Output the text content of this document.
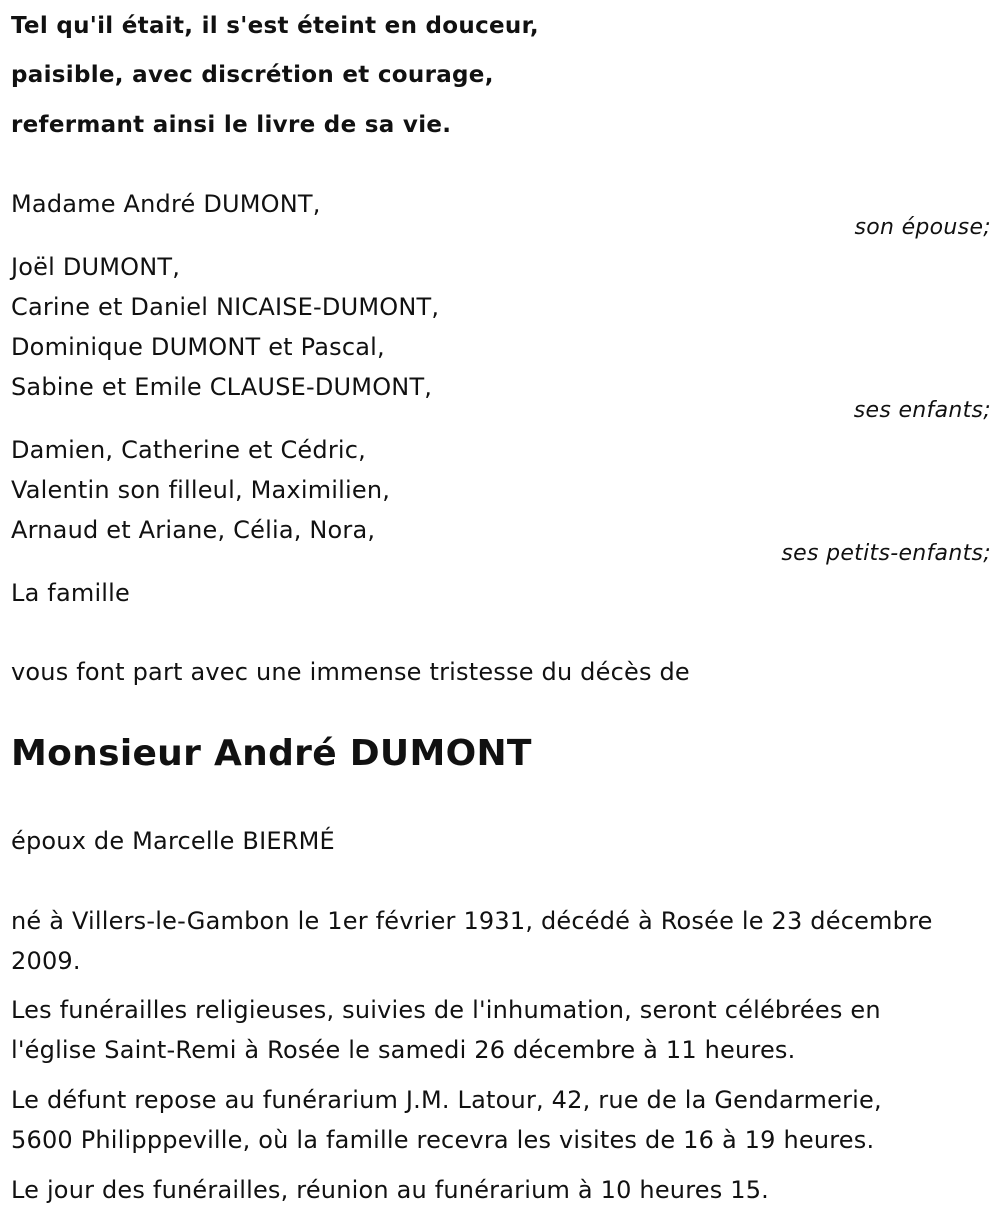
Tel qu'il était, il s'est éteint en douceur,
paisible, avec discrétion et courage,
refermant ainsi le livre de sa vie.
Madame André DUMONT,
son épouse;
Joël DUMONT,
Carine et Daniel NICAISE-DUMONT,
Dominique DUMONT et Pascal,
Sabine et Emile CLAUSE-DUMONT,
ses enfants;
Damien, Catherine et Cédric,
Valentin son filleul, Maximilien,
Arnaud et Ariane, Célia, Nora,
ses petits-enfants;
La famille
vous font part avec une immense tristesse du décès de
Monsieur André DUMONT
époux de Marcelle BIERMÉ
né à Villers-le-Gambon le 1er février 1931, décédé à Rosée le 23 décembre
2009.
Les funérailles religieuses, suivies de l'inhumation, seront célébrées en
l'église Saint-Remi à Rosée le samedi 26 décembre à 11 heures.
Le défunt repose au funérarium J.M. Latour, 42, rue de la Gendarmerie,
5600 Philipppeville, où la famille recevra les visites de 16 à 19 heures.
Le jour des funérailles, réunion au funérarium à 10 heures 15.
